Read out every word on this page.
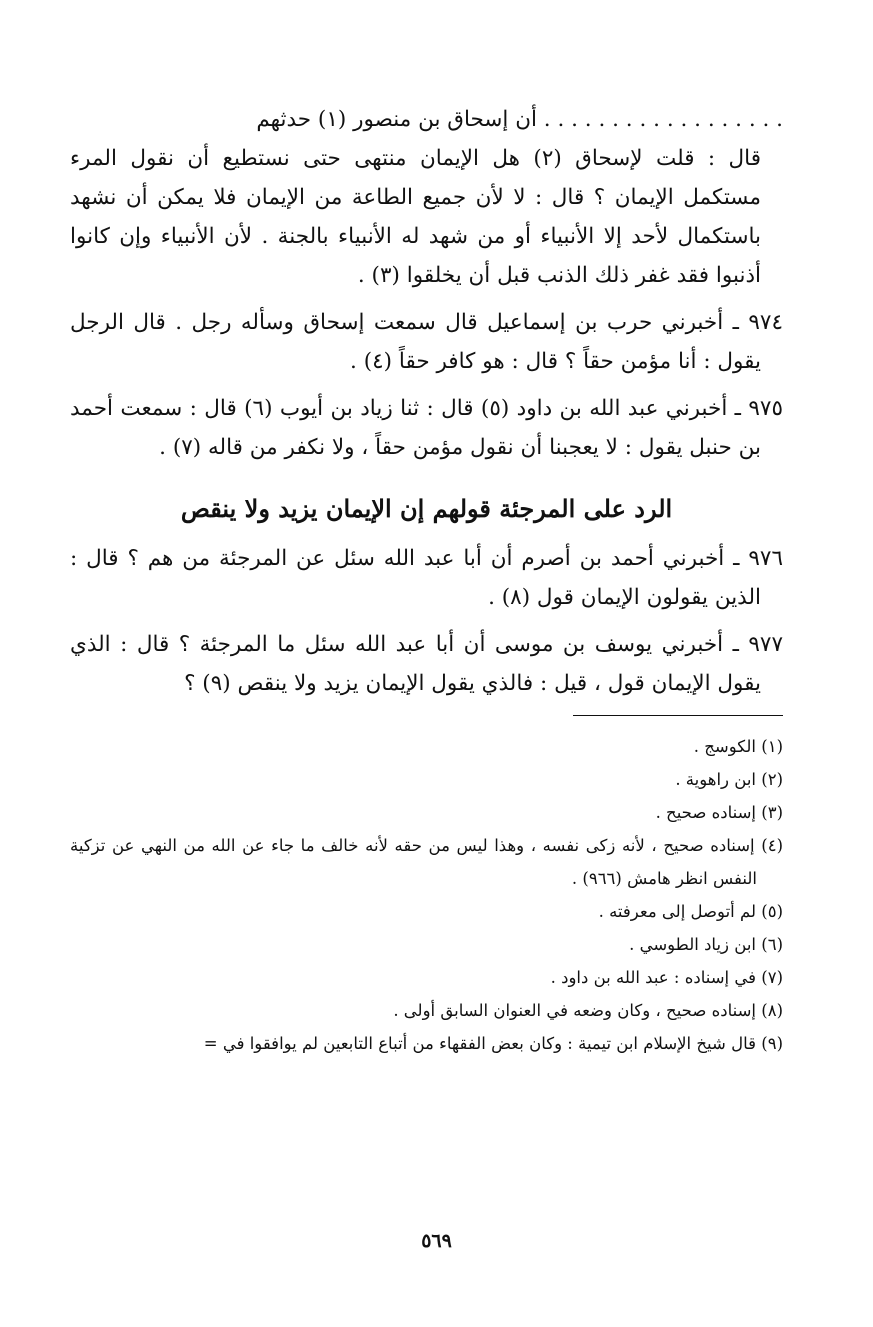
. . . . . . . . . . . . . . . . . . أن إسحاق بن منصور (١) حدثهم

قال : قلت لإسحاق (٢) هل الإيمان منتهى حتى نستطيع أن نقول المرء مستكمل الإيمان ؟ قال : لا لأن جميع الطاعة من الإيمان فلا يمكن أن نشهد باستكمال لأحد إلا الأنبياء أو من شهد له الأنبياء بالجنة . لأن الأنبياء وإن كانوا أذنبوا فقد غفر ذلك الذنب قبل أن يخلقوا (٣) .

٩٧٤ ـ أخبرني حرب بن إسماعيل قال سمعت إسحاق وسأله رجل . قال الرجل يقول : أنا مؤمن حقاً ؟ قال : هو كافر حقاً (٤) .

٩٧٥ ـ أخبرني عبد الله بن داود (٥) قال : ثنا زياد بن أيوب (٦) قال : سمعت أحمد بن حنبل يقول : لا يعجبنا أن نقول مؤمن حقاً ، ولا نكفر من قاله (٧) .

الرد على المرجئة قولهم إن الإيمان يزيد ولا ينقص

٩٧٦ ـ أخبرني أحمد بن أصرم أن أبا عبد الله سئل عن المرجئة من هم ؟ قال : الذين يقولون الإيمان قول (٨) .

٩٧٧ ـ أخبرني يوسف بن موسى أن أبا عبد الله سئل ما المرجئة ؟ قال : الذي يقول الإيمان قول ، قيل : فالذي يقول الإيمان يزيد ولا ينقص (٩) ؟

(١) الكوسج .

(٢) ابن راهوية .

(٣) إسناده صحيح .

(٤) إسناده صحيح ، لأنه زكى نفسه ، وهذا ليس من حقه لأنه خالف ما جاء عن الله من النهي عن تزكية النفس انظر هامش (٩٦٦) .

(٥) لم أتوصل إلى معرفته .

(٦) ابن زياد الطوسي .

(٧) في إسناده : عبد الله بن داود .

(٨) إسناده صحيح ، وكان وضعه في العنوان السابق أولى .

(٩) قال شيخ الإسلام ابن تيمية : وكان بعض الفقهاء من أتباع التابعين لم يوافقوا في =

٥٦٩
